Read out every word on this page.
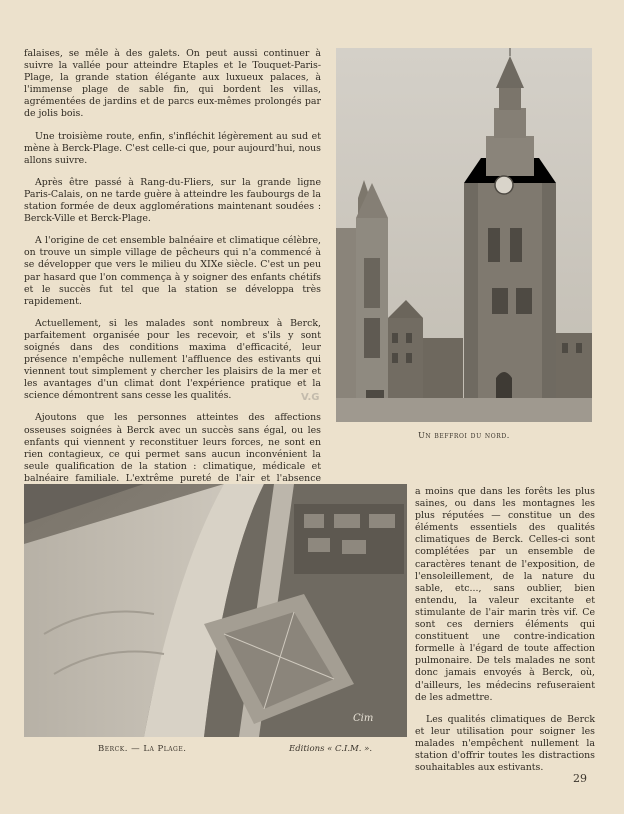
falaises, se mêle à des galets. On peut aussi continuer à suivre la vallée pour atteindre Etaples et le Touquet-Paris-Plage, la grande station élégante aux luxueux palaces, à l'immense plage de sable fin, qui bordent les villas, agrémentées de jardins et de parcs eux-mêmes prolongés par de jolis bois.

Une troisième route, enfin, s'infléchit légèrement au sud et mène à Berck-Plage. C'est celle-ci que, pour aujourd'hui, nous allons suivre.

Après être passé à Rang-du-Fliers, sur la grande ligne Paris-Calais, on ne tarde guère à atteindre les faubourgs de la station formée de deux agglomérations maintenant soudées : Berck-Ville et Berck-Plage.

A l'origine de cet ensemble balnéaire et climatique célèbre, on trouve un simple village de pêcheurs qui n'a commencé à se développer que vers le milieu du XIXe siècle. C'est un peu par hasard que l'on commença à y soigner des enfants chétifs et le succès fut tel que la station se développa très rapidement.

Actuellement, si les malades sont nombreux à Berck, parfaitement organisée pour les recevoir, et s'ils y sont soignés dans des conditions maxima d'efficacité, leur présence n'empêche nullement l'affluence des estivants qui viennent tout simplement y chercher les plaisirs de la mer et les avantages d'un climat dont l'expérience pratique et la science démontrent sans cesse les qualités.

Ajoutons que les personnes atteintes des affections osseuses soignées à Berck avec un succès sans égal, ou les enfants qui viennent y reconstituer leurs forces, ne sont en rien contagieux, ce qui permet sans aucun inconvénient la seule qualification de la station : climatique, médicale et balnéaire familiale. L'extrême pureté de l'air et l'absence

Un beffroi du nord.
V.G
Cim
Berck. — La Plage.	Editions « C.I.M. ».

a moins que dans les forêts les plus saines, ou dans les montagnes les plus réputées — constitue un des éléments essentiels des qualités climatiques de Berck. Celles-ci sont complétées par un ensemble de caractères tenant de l'exposition, de l'ensoleillement, de la nature du sable, etc..., sans oublier, bien entendu, la valeur excitante et stimulante de l'air marin très vif. Ce sont ces derniers éléments qui constituent une contre-indication formelle à l'égard de toute affection pulmonaire. De tels malades ne sont donc jamais envoyés à Berck, où, d'ailleurs, les médecins refuseraient de les admettre.

Les qualités climatiques de Berck et leur utilisation pour soigner les malades n'empêchent nullement la station d'offrir toutes les distractions souhaitables aux estivants.

29
